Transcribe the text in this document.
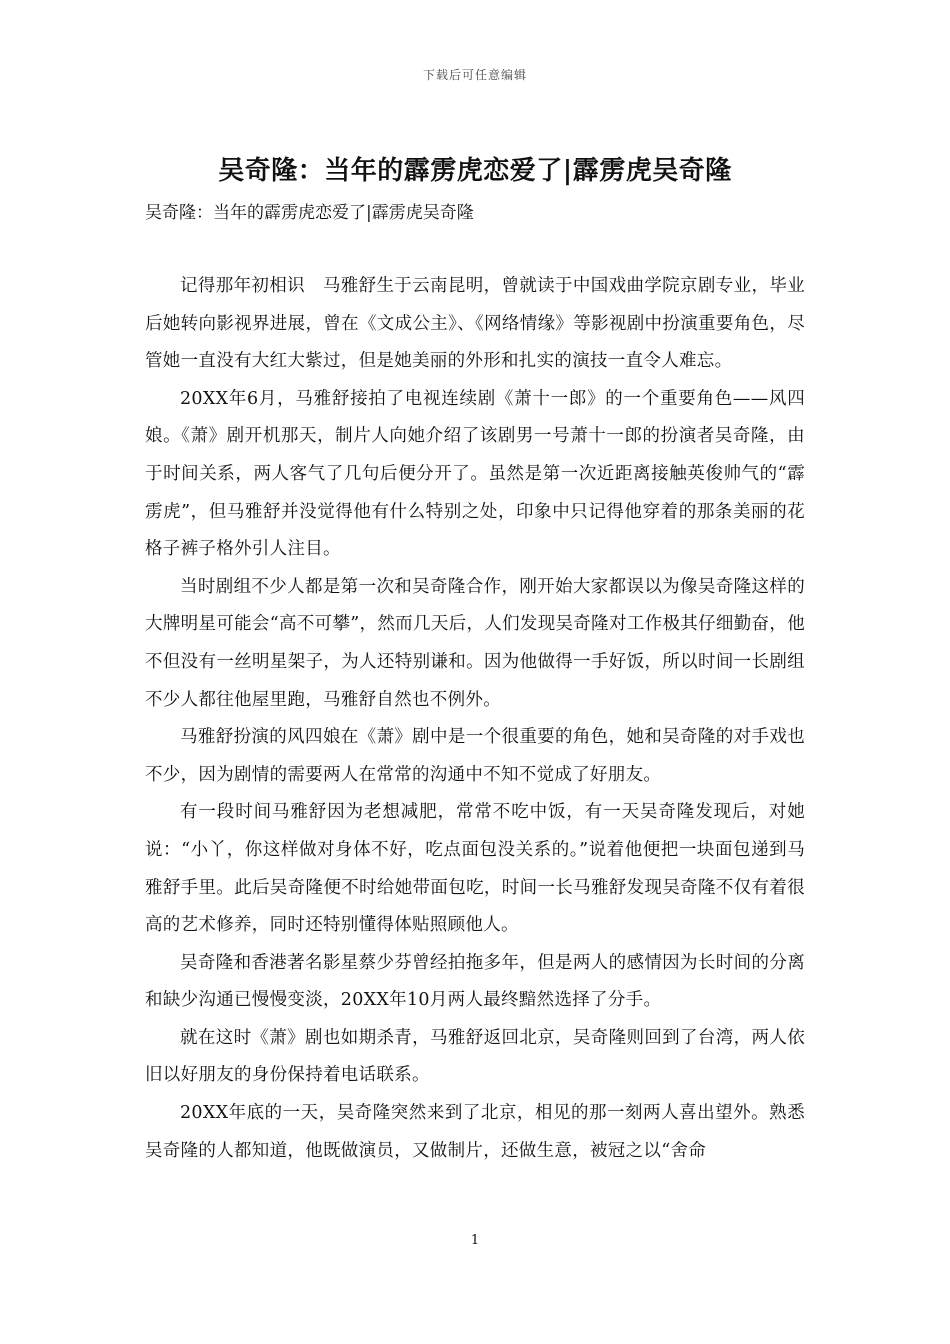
下载后可任意编辑
吴奇隆：当年的霹雳虎恋爱了|霹雳虎吴奇隆

吴奇隆：当年的霹雳虎恋爱了|霹雳虎吴奇隆

记得那年初相识　马雅舒生于云南昆明，曾就读于中国戏曲学院京剧专业，毕业后她转向影视界进展，曾在《文成公主》、《网络情缘》等影视剧中扮演重要角色，尽管她一直没有大红大紫过，但是她美丽的外形和扎实的演技一直令人难忘。

20XX年6月，马雅舒接拍了电视连续剧《萧十一郎》的一个重要角色——风四娘。《萧》剧开机那天，制片人向她介绍了该剧男一号萧十一郎的扮演者吴奇隆，由于时间关系，两人客气了几句后便分开了。虽然是第一次近距离接触英俊帅气的“霹雳虎”，但马雅舒并没觉得他有什么特别之处，印象中只记得他穿着的那条美丽的花格子裤子格外引人注目。

当时剧组不少人都是第一次和吴奇隆合作，刚开始大家都误以为像吴奇隆这样的大牌明星可能会“高不可攀”，然而几天后，人们发现吴奇隆对工作极其仔细勤奋，他不但没有一丝明星架子，为人还特别谦和。因为他做得一手好饭，所以时间一长剧组不少人都往他屋里跑，马雅舒自然也不例外。

马雅舒扮演的风四娘在《萧》剧中是一个很重要的角色，她和吴奇隆的对手戏也不少，因为剧情的需要两人在常常的沟通中不知不觉成了好朋友。

有一段时间马雅舒因为老想减肥，常常不吃中饭，有一天吴奇隆发现后，对她说：“小丫，你这样做对身体不好，吃点面包没关系的。”说着他便把一块面包递到马雅舒手里。此后吴奇隆便不时给她带面包吃，时间一长马雅舒发现吴奇隆不仅有着很高的艺术修养，同时还特别懂得体贴照顾他人。

吴奇隆和香港著名影星蔡少芬曾经拍拖多年，但是两人的感情因为长时间的分离和缺少沟通已慢慢变淡，20XX年10月两人最终黯然选择了分手。

就在这时《萧》剧也如期杀青，马雅舒返回北京，吴奇隆则回到了台湾，两人依旧以好朋友的身份保持着电话联系。

20XX年底的一天，吴奇隆突然来到了北京，相见的那一刻两人喜出望外。熟悉吴奇隆的人都知道，他既做演员，又做制片，还做生意，被冠之以“舍命

1
